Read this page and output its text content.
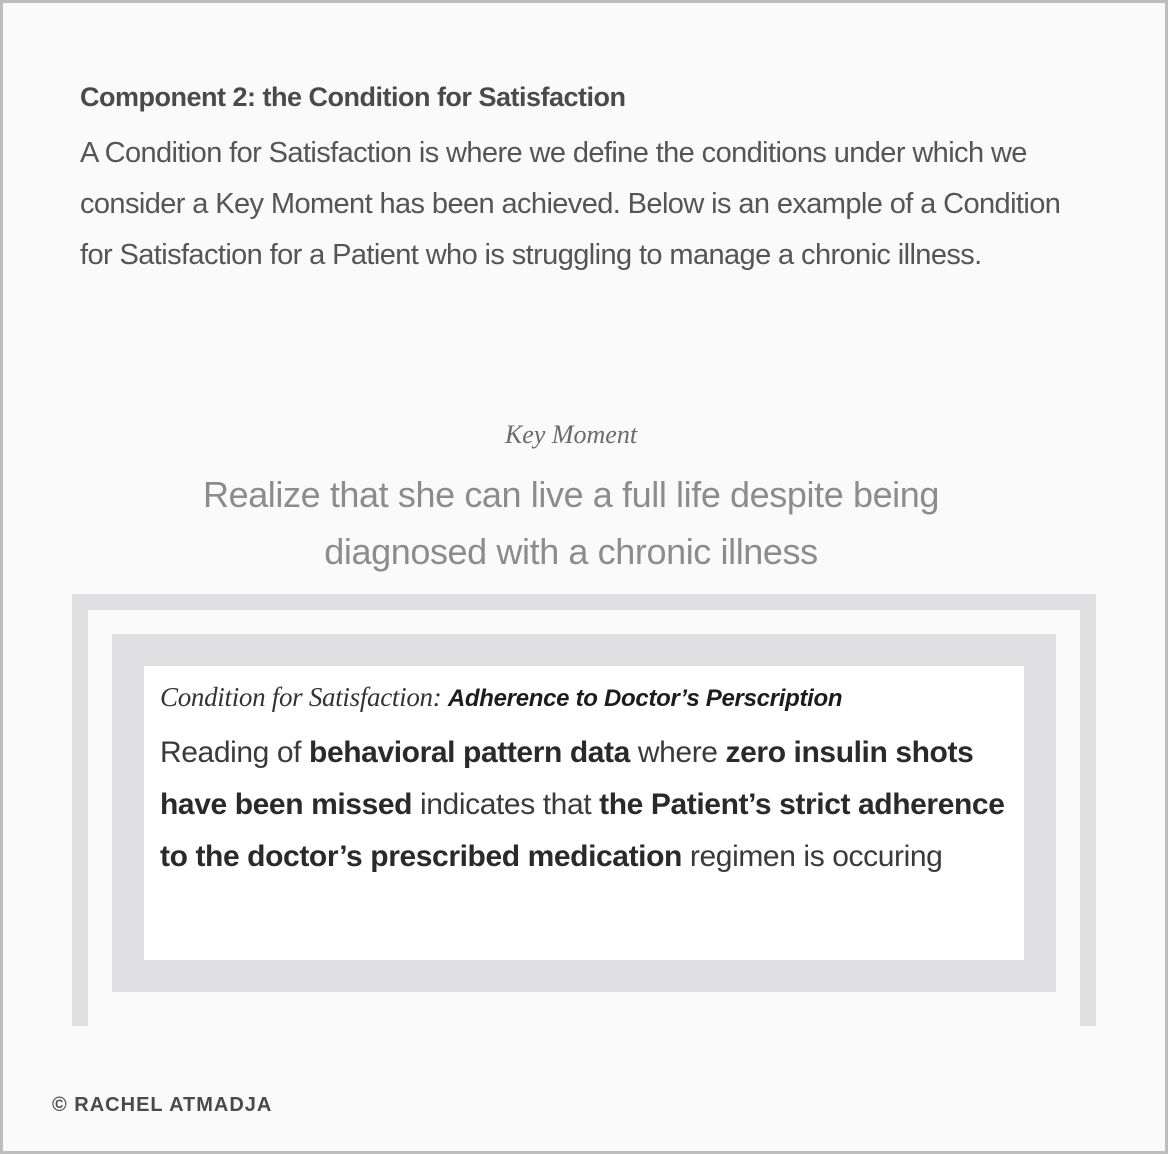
Component 2: the Condition for Satisfaction

A Condition for Satisfaction is where we define the conditions under which we consider a Key Moment has been achieved. Below is an example of a Condition for Satisfaction for a Patient who is struggling to manage a chronic illness.

Key Moment
Realize that she can live a full life despite being diagnosed with a chronic illness

Condition for Satisfaction: Adherence to Doctor’s Perscription

Reading of behavioral pattern data where zero insulin shots have been missed indicates that the Patient’s strict adherence to the doctor’s prescribed medication regimen is occuring

© RACHEL ATMADJA
